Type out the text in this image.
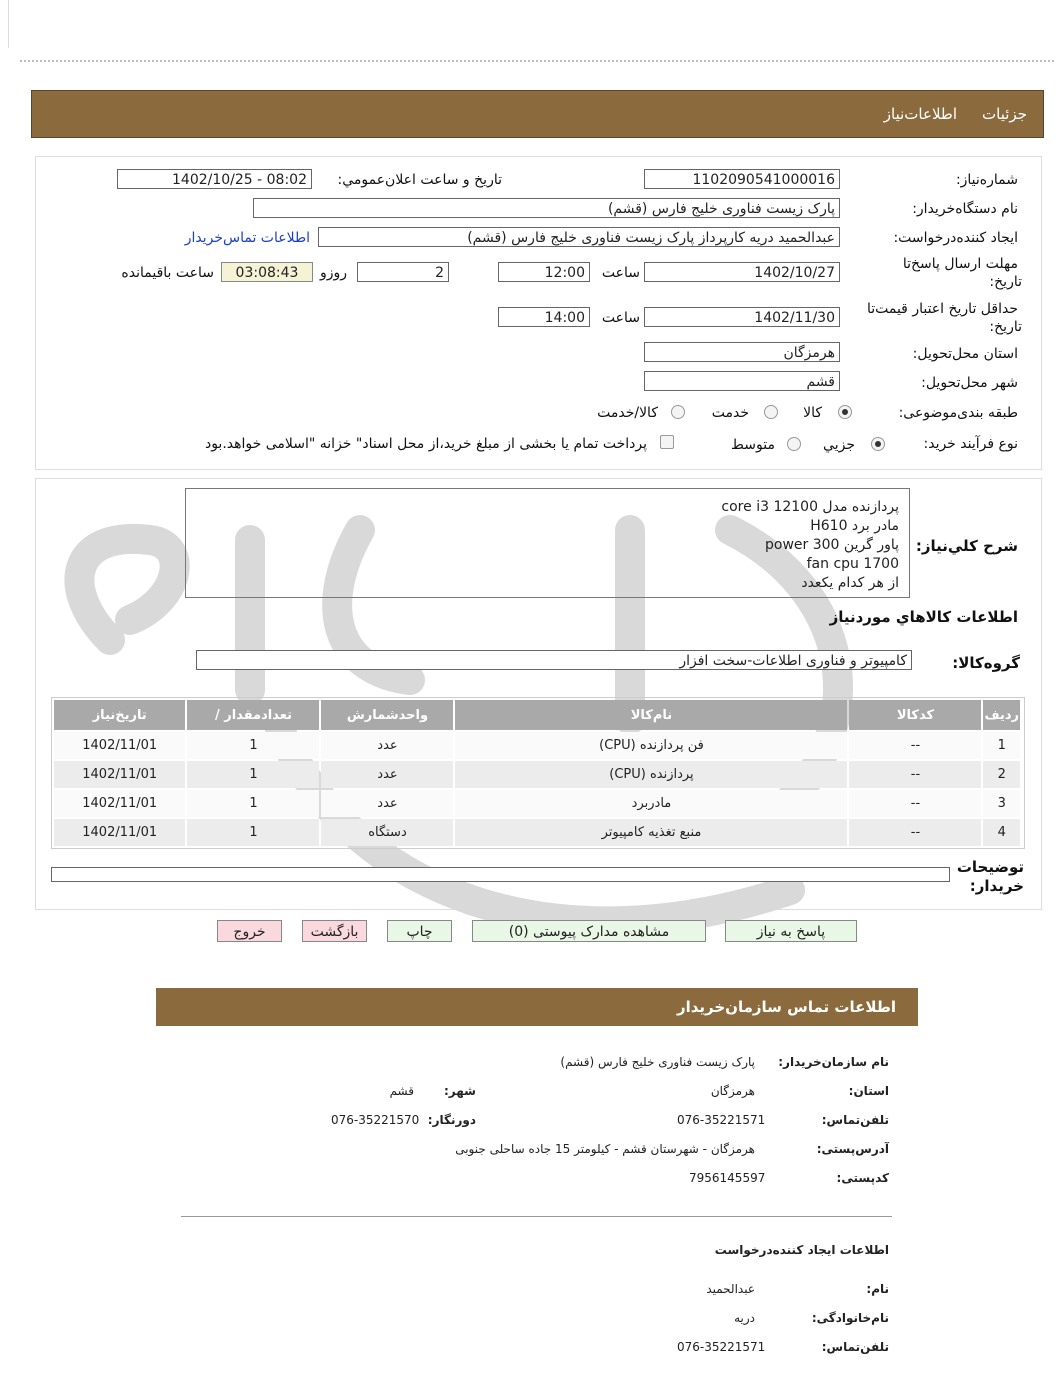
جزئیات
اطلاعات‌نیاز
شماره‌نیاز:
1102090541000016
تاریخ و ساعت اعلان‌عمومي:
1402/10/25 - 08:02
نام دستگاه‌خریدار:
پارک زیست فناوری خلیج فارس (قشم)
ایجاد کننده‌درخواست:
عبدالحمید دریه کارپرداز پارک زیست فناوری خلیج فارس (قشم)
اطلاعات تماس‌خریدار
مهلت ارسال پاسخ‌تا
تاریخ:
1402/10/27
ساعت
12:00
2
روزو
03:08:43
ساعت باقیمانده
حداقل تاریخ اعتبار قیمت‌تا
تاریخ:
1402/11/30
ساعت
14:00
استان محل‌تحویل:
هرمزگان
شهر محل‌تحویل:
قشم
طبقه بندی‌موضوعی:
کالا
خدمت
کالا/خدمت
نوع فرآیند خرید:
جزیي
متوسط
پرداخت تمام یا بخشی از مبلغ خرید،از محل اسناد" خزانه "اسلامی خواهد.بود
پردازنده مدل core i3 12100
مادر برد H610
پاور گرین 300 power
fan cpu 1700
از هر کدام یکعدد
شرح کلي‌نیاز:
اطلاعات کالاهاي موردنیاز
گروه‌کالا:
کامپیوتر و فناوری اطلاعات-سخت افزار
ردیف	کدکالا	نام‌کالا	واحدشمارش	تعدادمقدار /	تاریخ‌نیاز
1	--	فن پردازنده (CPU)	عدد	1	1402/11/01
2	--	پردازنده (CPU)	عدد	1	1402/11/01
3	--	مادربرد	عدد	1	1402/11/01
4	--	منبع تغذیه کامپیوتر	دستگاه	1	1402/11/01
توضیحات
خریدار:
پاسخ به نیاز
مشاهده مدارک پیوستی (0)
چاپ
بازگشت
خروج
اطلاعات تماس سازمان‌خریدار
نام سازمان‌خریدار:
پارک زیست فناوری خلیج فارس (قشم)
استان:
هرمزگان
شهر:
قشم
تلفن‌تماس:
076-35221571
دورنگار:
076-35221570
آدرس‌پستی:
هرمزگان - شهرستان قشم - کیلومتر 15 جاده ساحلی جنوبی
کد‌پستی:
7956145597
اطلاعات ایجاد کننده‌درخواست
نام:
عبدالحمید
نام‌خانوادگی:
دریه
تلفن‌تماس:
076-35221571
